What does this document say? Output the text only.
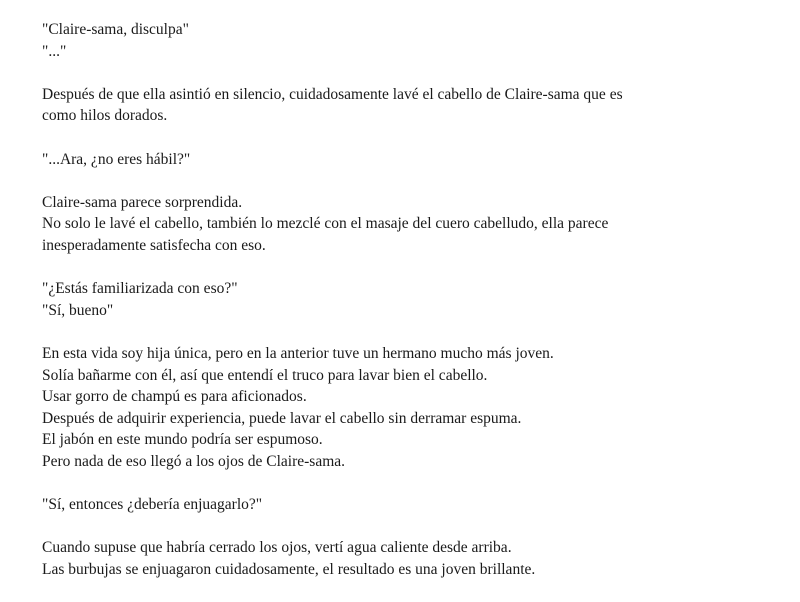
"Claire-sama, disculpa"
"..."

Después de que ella asintió en silencio, cuidadosamente lavé el cabello de Claire-sama que es
como hilos dorados.

"...Ara, ¿no eres hábil?"

Claire-sama parece sorprendida.
No solo le lavé el cabello, también lo mezclé con el masaje del cuero cabelludo, ella parece
inesperadamente satisfecha con eso.

"¿Estás familiarizada con eso?"
"Sí, bueno"

En esta vida soy hija única, pero en la anterior tuve un hermano mucho más joven.
Solía bañarme con él, así que entendí el truco para lavar bien el cabello.
Usar gorro de champú es para aficionados.
Después de adquirir experiencia, puede lavar el cabello sin derramar espuma.
El jabón en este mundo podría ser espumoso.
Pero nada de eso llegó a los ojos de Claire-sama.

"Sí, entonces ¿debería enjuagarlo?"

Cuando supuse que habría cerrado los ojos, vertí agua caliente desde arriba.
Las burbujas se enjuagaron cuidadosamente, el resultado es una joven brillante.
